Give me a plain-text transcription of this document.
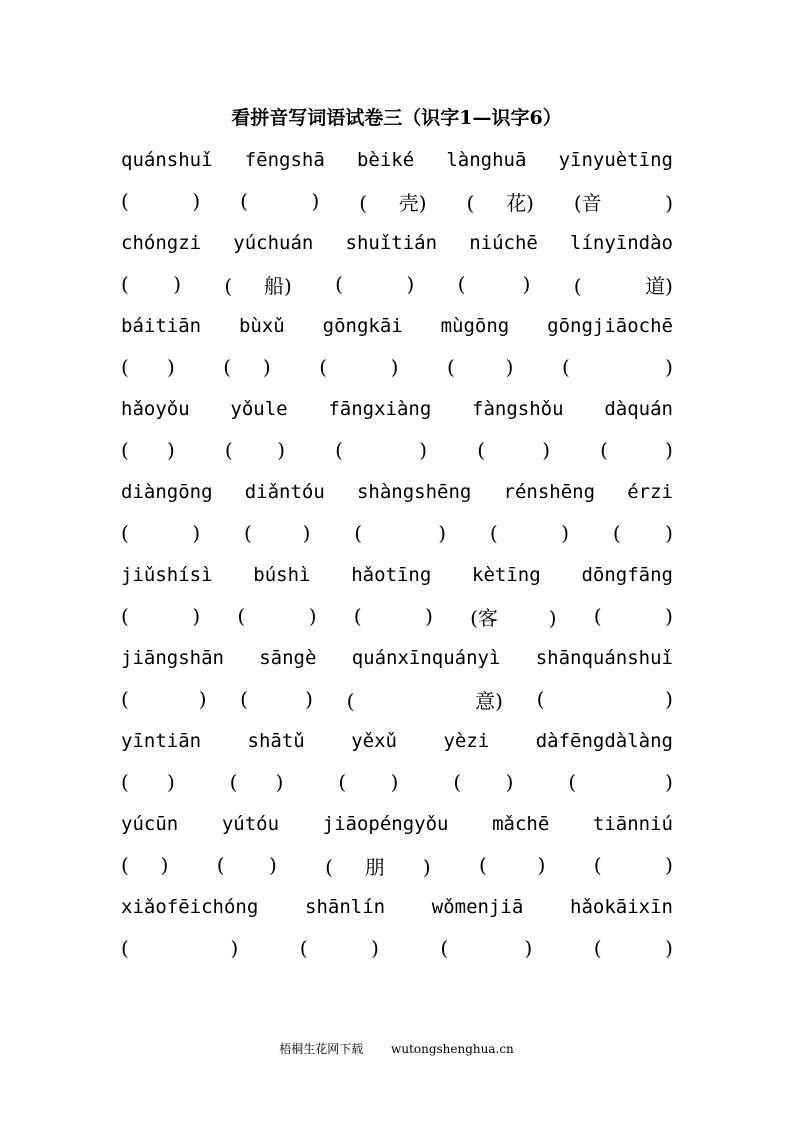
看拼音写词语试卷三（识字1—识字6）
quánshuǐ fēngshā bèiké lànghuā yīnyuètīng
(          ) (          ) (     壳) (     花) (音          )
chóngzi yúchuán shuǐtián niúchē línyīndào
(       ) (     船) (          ) (         ) (          道)
báitiān bùxǔ gōngkāi mùgōng gōngjiāochē
(      ) (     ) (          ) (        ) (               )
hǎoyǒu yǒule fāngxiàng fàngshǒu dàquán
(      )	(       )	(            )	(         )	(         )
diàngōng diǎntóu shàngshēng rénshēng érzi
(          ) (        ) (            ) (          ) (       )
jiǔshísì búshì hǎotīng kètīng dōngfāng
(          ) (          ) (          ) (客        ) (          )
jiāngshān sāngè quánxīnquányì shānquánshuǐ
(           ) (         ) (                   意) (                   )
yīntiān shātǔ yěxǔ yèzi dàfēngdàlàng
(      )	(      )	(       )	(       )	(              )
yúcūn yútóu jiāopéngyǒu mǎchē tiānniú
(     ) (       ) (     朋      ) (        ) (          )
xiǎofēichóng shānlín wǒmenjiā hǎokāixīn
(                )	(          )	(            )	(          )
梧桐生花网下载 wutongshenghua.cn
